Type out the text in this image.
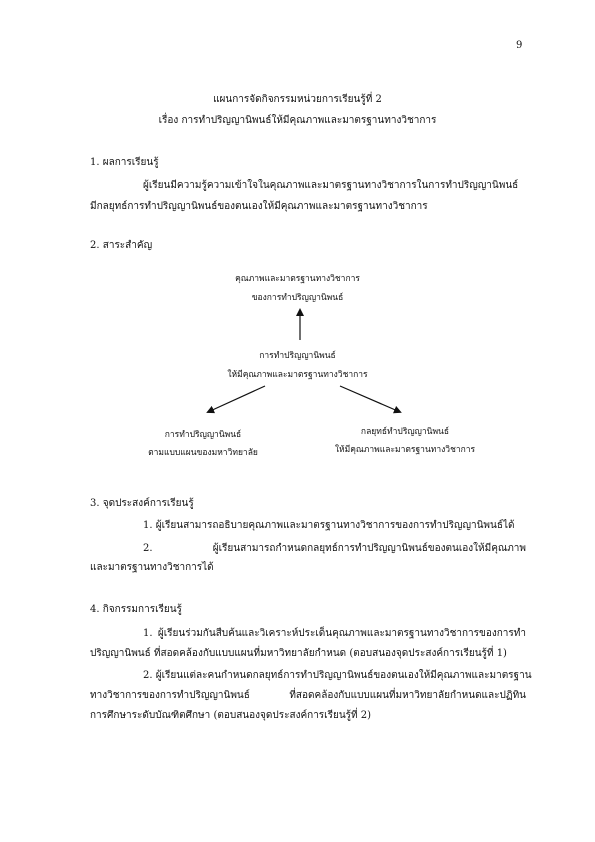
9
แผนการจัดกิจกรรมหน่วยการเรียนรู้ที่ 2
เรื่อง การทำปริญญานิพนธ์ให้มีคุณภาพและมาตรฐานทางวิชาการ
1. ผลการเรียนรู้
ผู้เรียนมีความรู้ความเข้าใจในคุณภาพและมาตรฐานทางวิชาการในการทำปริญญานิพนธ์
มีกลยุทธ์การทำปริญญานิพนธ์ของตนเองให้มีคุณภาพและมาตรฐานทางวิชาการ
2. สาระสำคัญ
คุณภาพและมาตรฐานทางวิชาการ
ของการทำปริญญานิพนธ์
การทำปริญญานิพนธ์
ให้มีคุณภาพและมาตรฐานทางวิชาการ
การทำปริญญานิพนธ์
ตามแบบแผนของมหาวิทยาลัย
กลยุทธ์ทำปริญญานิพนธ์
ให้มีคุณภาพและมาตรฐานทางวิชาการ
3. จุดประสงค์การเรียนรู้
1. ผู้เรียนสามารถอธิบายคุณภาพและมาตรฐานทางวิชาการของการทำปริญญานิพนธ์ได้
2. ผู้เรียนสามารถกำหนดกลยุทธ์การทำปริญญานิพนธ์ของตนเองให้มีคุณภาพ
และมาตรฐานทางวิชาการได้
4. กิจกรรมการเรียนรู้
1. ผู้เรียนร่วมกันสืบค้นและวิเคราะห์ประเด็นคุณภาพและมาตรฐานทางวิชาการของการทำ
ปริญญานิพนธ์ ที่สอดคล้องกับแบบแผนที่มหาวิทยาลัยกำหนด (ตอบสนองจุดประสงค์การเรียนรู้ที่ 1)
2. ผู้เรียนแต่ละคนกำหนดกลยุทธ์การทำปริญญานิพนธ์ของตนเองให้มีคุณภาพและมาตรฐาน
ทางวิชาการของการทำปริญญานิพนธ์ ที่สอดคล้องกับแบบแผนที่มหาวิทยาลัยกำหนดและปฏิทิน
การศึกษาระดับบัณฑิตศึกษา (ตอบสนองจุดประสงค์การเรียนรู้ที่ 2)
